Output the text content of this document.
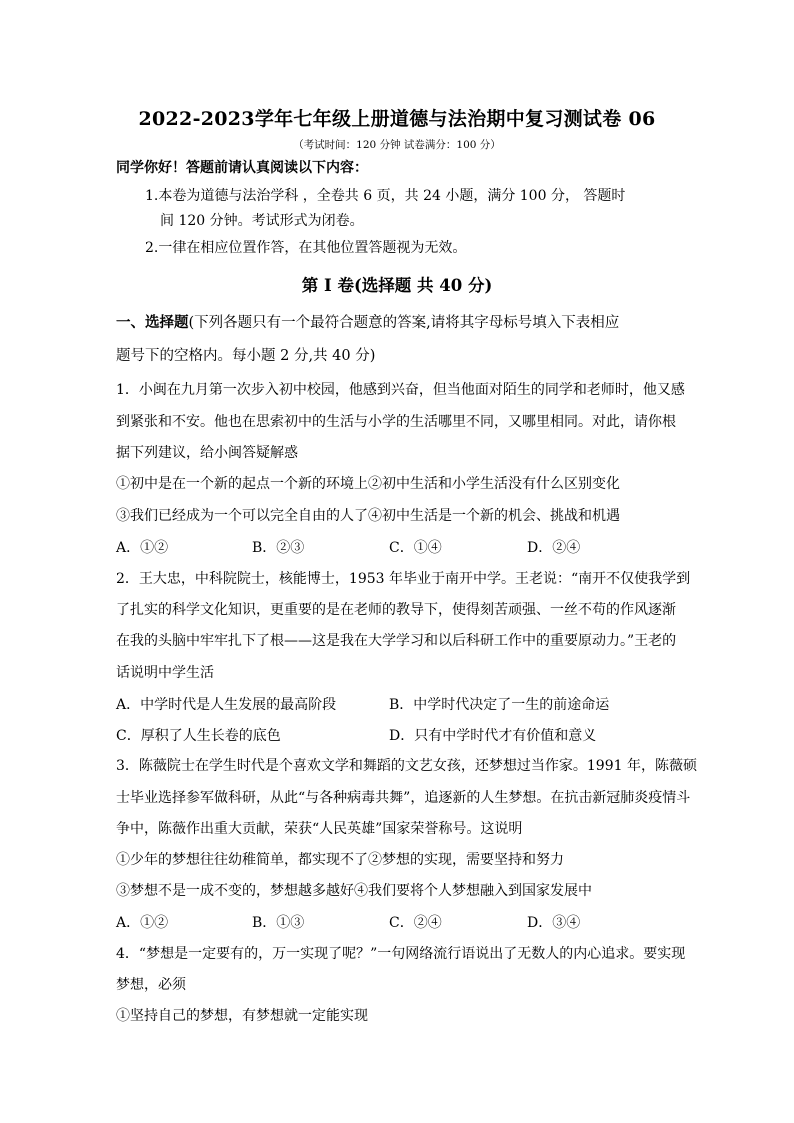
2022-2023学年七年级上册道德与法治期中复习测试卷 06
（考试时间：120 分钟 试卷满分：100 分）
同学你好！答题前请认真阅读以下内容：
1.本卷为道德与法治学科 ，全卷共 6 页，共 24 小题，满分 100 分， 答题时
间 120 分钟。考试形式为闭卷。
2.一律在相应位置作答，在其他位置答题视为无效。
第 I 卷(选择题 共 40 分)
一、选择题(下列各题只有一个最符合题意的答案,请将其字母标号填入下表相应
题号下的空格内。每小题 2 分,共 40 分)
1．小闽在九月第一次步入初中校园，他感到兴奋，但当他面对陌生的同学和老师时，他又感
到紧张和不安。他也在思索初中的生活与小学的生活哪里不同，又哪里相同。对此，请你根
据下列建议，给小闽答疑解惑
①初中是在一个新的起点一个新的环境上②初中生活和小学生活没有什么区别变化
③我们已经成为一个可以完全自由的人了④初中生活是一个新的机会、挑战和机遇
A．①②	B．②③	C．①④	D．②④
2．王大忠，中科院院士，核能博士，1953 年毕业于南开中学。王老说：“南开不仅使我学到
了扎实的科学文化知识，更重要的是在老师的教导下，使得刻苦顽强、一丝不苟的作风逐渐
在我的头脑中牢牢扎下了根——这是我在大学学习和以后科研工作中的重要原动力。”王老的
话说明中学生活
A．中学时代是人生发展的最高阶段	B．中学时代决定了一生的前途命运
C．厚积了人生长卷的底色	D．只有中学时代才有价值和意义
3．陈薇院士在学生时代是个喜欢文学和舞蹈的文艺女孩，还梦想过当作家。1991 年，陈薇硕
士毕业选择参军做科研，从此“与各种病毒共舞”，追逐新的人生梦想。在抗击新冠肺炎疫情斗
争中，陈薇作出重大贡献，荣获“人民英雄”国家荣誉称号。这说明
①少年的梦想往往幼稚简单，都实现不了②梦想的实现，需要坚持和努力
③梦想不是一成不变的，梦想越多越好④我们要将个人梦想融入到国家发展中
A．①②	B．①③	C．②④	D．③④
4．“梦想是一定要有的，万一实现了呢？”一句网络流行语说出了无数人的内心追求。要实现
梦想，必须
①坚持自己的梦想，有梦想就一定能实现
